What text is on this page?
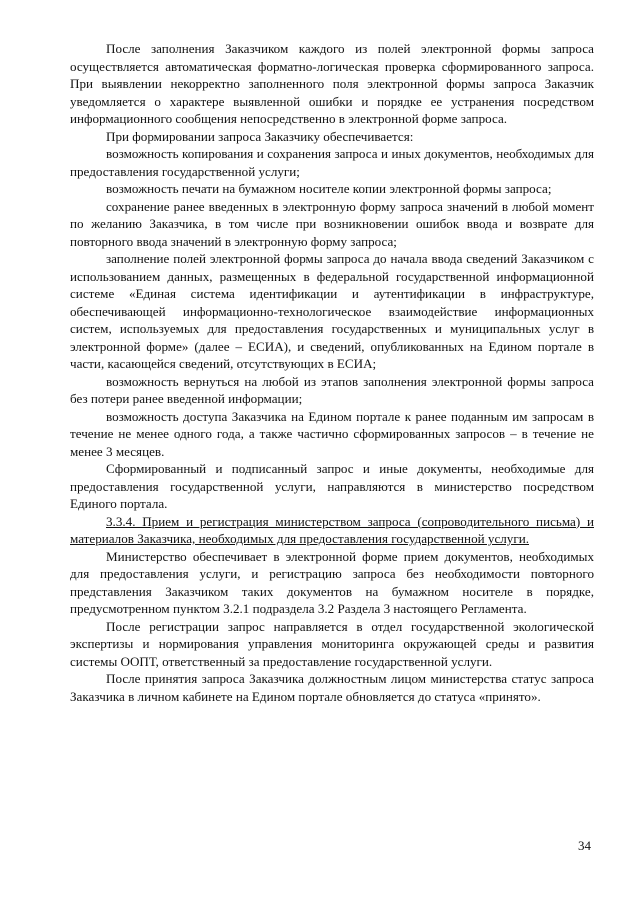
После заполнения Заказчиком каждого из полей электронной формы запроса осуществляется автоматическая форматно-логическая проверка сформированного запроса. При выявлении некорректно заполненного поля электронной формы запроса Заказчик уведомляется о характере выявленной ошибки и порядке ее устранения посредством информационного сообщения непосредственно в электронной форме запроса.

При формировании запроса Заказчику обеспечивается:

возможность копирования и сохранения запроса и иных документов, необходимых для предоставления государственной услуги;

возможность печати на бумажном носителе копии электронной формы запроса;

сохранение ранее введенных в электронную форму запроса значений в любой момент по желанию Заказчика, в том числе при возникновении ошибок ввода и возврате для повторного ввода значений в электронную форму запроса;

заполнение полей электронной формы запроса до начала ввода сведений Заказчиком с использованием данных, размещенных в федеральной государственной информационной системе «Единая система идентификации и аутентификации в инфраструктуре, обеспечивающей информационно-технологическое взаимодействие информационных систем, используемых для предоставления государственных и муниципальных услуг в электронной форме» (далее – ЕСИА), и сведений, опубликованных на Едином портале в части, касающейся сведений, отсутствующих в ЕСИА;

возможность вернуться на любой из этапов заполнения электронной формы запроса без потери ранее введенной информации;

возможность доступа Заказчика на Едином портале к ранее поданным им запросам в течение не менее одного года, а также частично сформированных запросов – в течение не менее 3 месяцев.

Сформированный и подписанный запрос и иные документы, необходимые для предоставления государственной услуги, направляются в министерство посредством Единого портала.

3.3.4. Прием и регистрация министерством запроса (сопроводительного письма) и материалов Заказчика, необходимых для предоставления государственной услуги.

Министерство обеспечивает в электронной форме прием документов, необходимых для предоставления услуги, и регистрацию запроса без необходимости повторного представления Заказчиком таких документов на бумажном носителе в порядке, предусмотренном пунктом 3.2.1 подраздела 3.2 Раздела 3 настоящего Регламента.

После регистрации запрос направляется в отдел государственной экологической экспертизы и нормирования управления мониторинга окружающей среды и развития системы ООПТ, ответственный за предоставление государственной услуги.

После принятия запроса Заказчика должностным лицом министерства статус запроса Заказчика в личном кабинете на Едином портале обновляется до статуса «принято».

34
